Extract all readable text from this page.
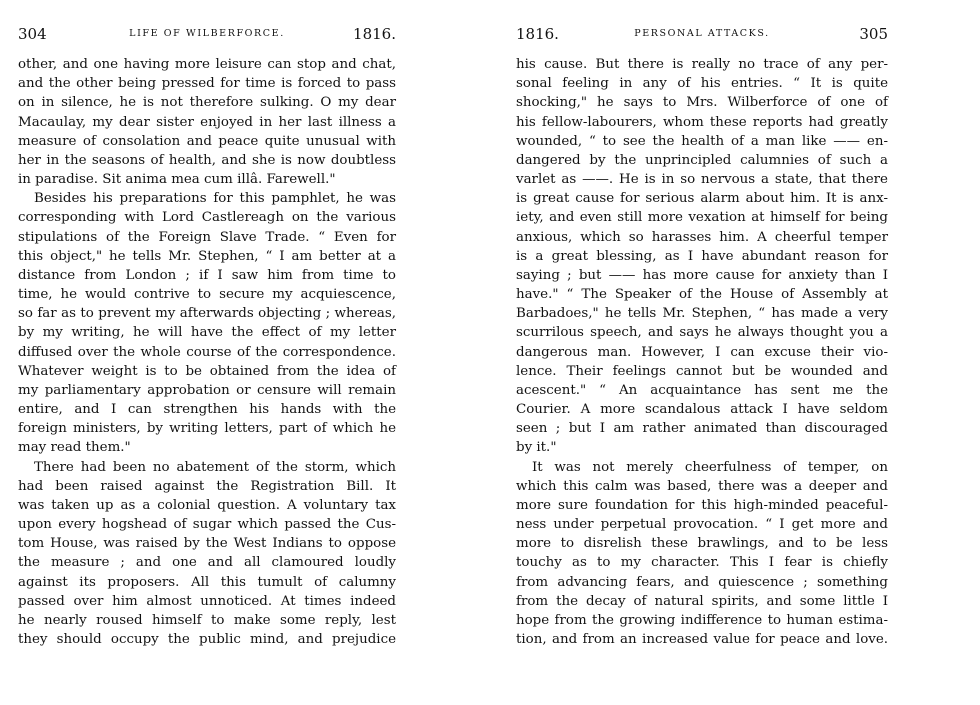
304	LIFE OF WILBERFORCE.	1816.
other, and one having more leisure can stop and chat,
and the other being pressed for time is forced to pass
on in silence, he is not therefore sulking. O my dear
Macaulay, my dear sister enjoyed in her last illness a
measure of consolation and peace quite unusual with
her in the seasons of health, and she is now doubtless
in paradise. Sit anima mea cum illâ. Farewell."
Besides his preparations for this pamphlet, he was
corresponding with Lord Castlereagh on the various
stipulations of the Foreign Slave Trade. “ Even for
this object," he tells Mr. Stephen, “ I am better at a
distance from London ; if I saw him from time to
time, he would contrive to secure my acquiescence,
so far as to prevent my afterwards objecting ; whereas,
by my writing, he will have the effect of my letter
diffused over the whole course of the correspondence.
Whatever weight is to be obtained from the idea of
my parliamentary approbation or censure will remain
entire, and I can strengthen his hands with the
foreign ministers, by writing letters, part of which he
may read them."
There had been no abatement of the storm, which
had been raised against the Registration Bill. It
was taken up as a colonial question. A voluntary tax
upon every hogshead of sugar which passed the Cus-
tom House, was raised by the West Indians to oppose
the measure ; and one and all clamoured loudly
against its proposers. All this tumult of calumny
passed over him almost unnoticed. At times indeed
he nearly roused himself to make some reply, lest
they should occupy the public mind, and prejudice
1816.	PERSONAL ATTACKS.	305
his cause. But there is really no trace of any per-
sonal feeling in any of his entries. “ It is quite
shocking," he says to Mrs. Wilberforce of one of
his fellow-labourers, whom these reports had greatly
wounded, “ to see the health of a man like —— en-
dangered by the unprincipled calumnies of such a
varlet as ——. He is in so nervous a state, that there
is great cause for serious alarm about him. It is anx-
iety, and even still more vexation at himself for being
anxious, which so harasses him. A cheerful temper
is a great blessing, as I have abundant reason for
saying ; but —— has more cause for anxiety than I
have." “ The Speaker of the House of Assembly at
Barbadoes," he tells Mr. Stephen, “ has made a very
scurrilous speech, and says he always thought you a
dangerous man. However, I can excuse their vio-
lence. Their feelings cannot but be wounded and
acescent." “ An acquaintance has sent me the
Courier. A more scandalous attack I have seldom
seen ; but I am rather animated than discouraged
by it."
It was not merely cheerfulness of temper, on
which this calm was based, there was a deeper and
more sure foundation for this high-minded peaceful-
ness under perpetual provocation. “ I get more and
more to disrelish these brawlings, and to be less
touchy as to my character. This I fear is chiefly
from advancing fears, and quiescence ; something
from the decay of natural spirits, and some little I
hope from the growing indifference to human estima-
tion, and from an increased value for peace and love.
